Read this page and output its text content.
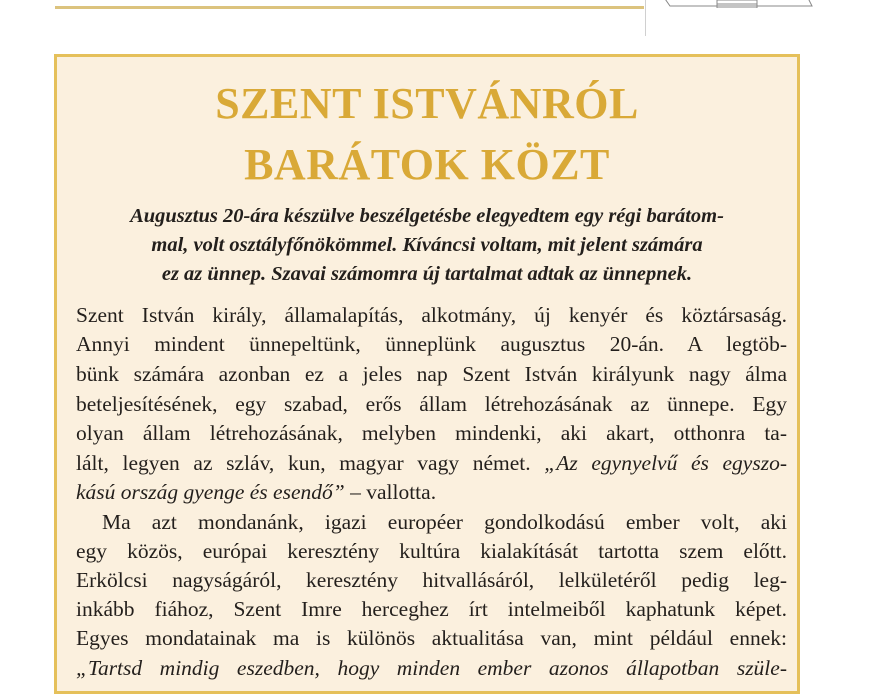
SZENT ISTVÁNRÓL
BARÁTOK KÖZT
Augusztus 20-ára készülve beszélgetésbe elegyedtem egy régi barátom-
mal, volt osztályfőnökömmel. Kíváncsi voltam, mit jelent számára
ez az ünnep. Szavai számomra új tartalmat adtak az ünnepnek.
Szent István király, államalapítás, alkotmány, új kenyér és köztársaság.
Annyi mindent ünnepeltünk, ünneplünk augusztus 20-án. A legtöb-
bünk számára azonban ez a jeles nap Szent István királyunk nagy álma
beteljesítésének, egy szabad, erős állam létrehozásának az ünnepe. Egy
olyan állam létrehozásának, melyben mindenki, aki akart, otthonra ta-
lált, legyen az szláv, kun, magyar vagy német. „Az egynyelvű és egyszo-
kású ország gyenge és esendő” – vallotta.
Ma azt mondanánk, igazi européer gondolkodású ember volt, aki
egy közös, európai keresztény kultúra kialakítását tartotta szem előtt.
Erkölcsi nagyságáról, keresztény hitvallásáról, lelkületéről pedig leg-
inkább fiához, Szent Imre herceghez írt intelmeiből kaphatunk képet.
Egyes mondatainak ma is különös aktualitása van, mint például ennek:
„Tartsd mindig eszedben, hogy minden ember azonos állapotban szüle-
